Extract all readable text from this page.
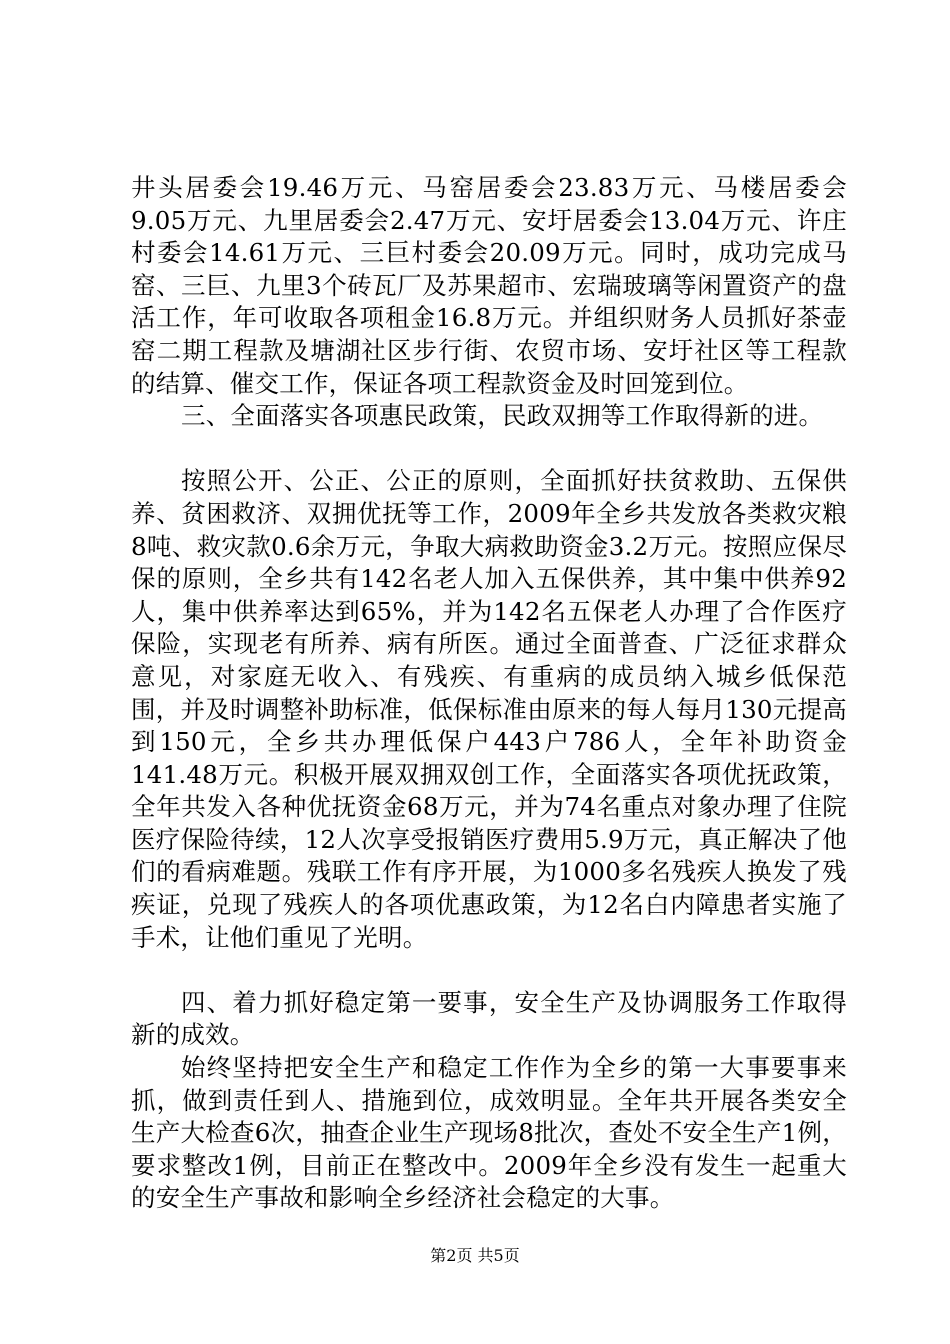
井头居委会19.46万元、马窑居委会23.83万元、马楼居委会9.05万元、九里居委会2.47万元、安圩居委会13.04万元、许庄村委会14.61万元、三巨村委会20.09万元。同时，成功完成马窑、三巨、九里3个砖瓦厂及苏果超市、宏瑞玻璃等闲置资产的盘活工作，年可收取各项租金16.8万元。并组织财务人员抓好茶壶窑二期工程款及塘湖社区步行街、农贸市场、安圩社区等工程款的结算、催交工作，保证各项工程款资金及时回笼到位。

三、全面落实各项惠民政策，民政双拥等工作取得新的进。

按照公开、公正、公正的原则，全面抓好扶贫救助、五保供养、贫困救济、双拥优抚等工作，2009年全乡共发放各类救灾粮8吨、救灾款0.6余万元，争取大病救助资金3.2万元。按照应保尽保的原则，全乡共有142名老人加入五保供养，其中集中供养92人，集中供养率达到65%，并为142名五保老人办理了合作医疗保险，实现老有所养、病有所医。通过全面普查、广泛征求群众意见，对家庭无收入、有残疾、有重病的成员纳入城乡低保范围，并及时调整补助标准，低保标准由原来的每人每月130元提高到150元，全乡共办理低保户443户786人，全年补助资金141.48万元。积极开展双拥双创工作，全面落实各项优抚政策，全年共发入各种优抚资金68万元，并为74名重点对象办理了住院医疗保险待续，12人次享受报销医疗费用5.9万元，真正解决了他们的看病难题。残联工作有序开展，为1000多名残疾人换发了残疾证，兑现了残疾人的各项优惠政策，为12名白内障患者实施了手术，让他们重见了光明。

四、着力抓好稳定第一要事，安全生产及协调服务工作取得新的成效。

始终坚持把安全生产和稳定工作作为全乡的第一大事要事来抓，做到责任到人、措施到位，成效明显。全年共开展各类安全生产大检查6次，抽查企业生产现场8批次，查处不安全生产1例，要求整改1例，目前正在整改中。2009年全乡没有发生一起重大的安全生产事故和影响全乡经济社会稳定的大事。

第2页 共5页
